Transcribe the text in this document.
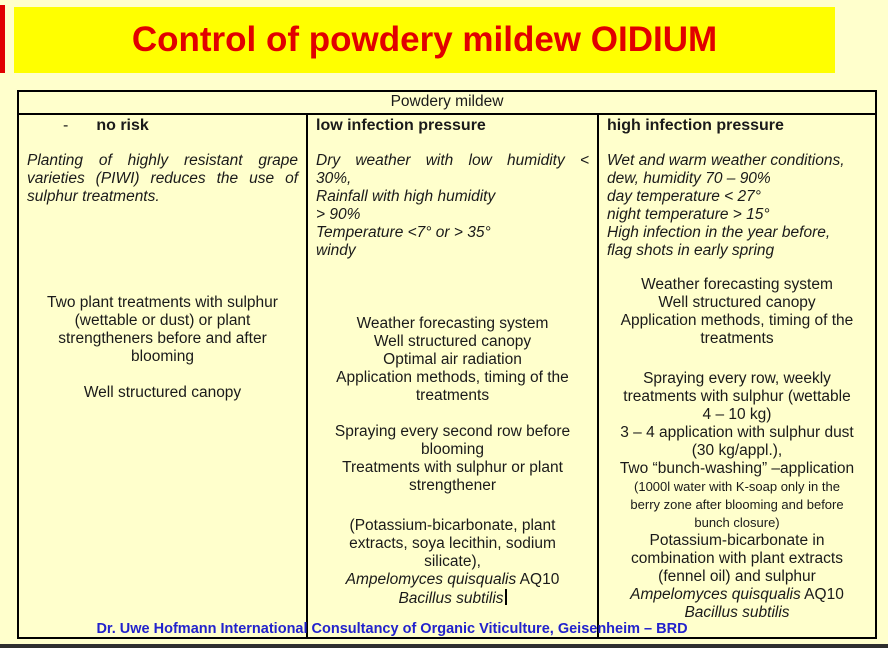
Control of powdery mildew OIDIUM
Powdery mildew
- no risk
Planting of highly resistant grape
varieties (PIWI) reduces the use of
sulphur treatments.
Two plant treatments with sulphur
(wettable or dust) or plant
strengtheners before and after
blooming
Well structured canopy
low infection pressure
Dry weather with low humidity <
30%,
Rainfall with high humidity
> 90%
Temperature <7° or > 35°
windy
Weather forecasting system
Well structured canopy
Optimal air radiation
Application methods, timing of the
treatments
Spraying every second row before
blooming
Treatments with sulphur or plant
strengthener
(Potassium-bicarbonate, plant
extracts, soya lecithin, sodium
silicate),
Ampelomyces quisqualis AQ10
Bacillus subtilis
high infection pressure
Wet and warm weather conditions,
dew, humidity 70 – 90%
day temperature < 27°
night temperature > 15°
High infection in the year before,
flag shots in early spring
Weather forecasting system
Well structured canopy
Application methods, timing of the
treatments
Spraying every row, weekly
treatments with sulphur (wettable
4 – 10 kg)
3 – 4 application with sulphur dust
(30 kg/appl.),
Two “bunch-washing” –application
(1000l water with K-soap only in the
berry zone after blooming and before
bunch closure)
Potassium-bicarbonate in
combination with plant extracts
(fennel oil) and sulphur
Ampelomyces quisqualis AQ10
Bacillus subtilis
Dr. Uwe Hofmann International Consultancy of Organic Viticulture, Geisenheim – BRD
